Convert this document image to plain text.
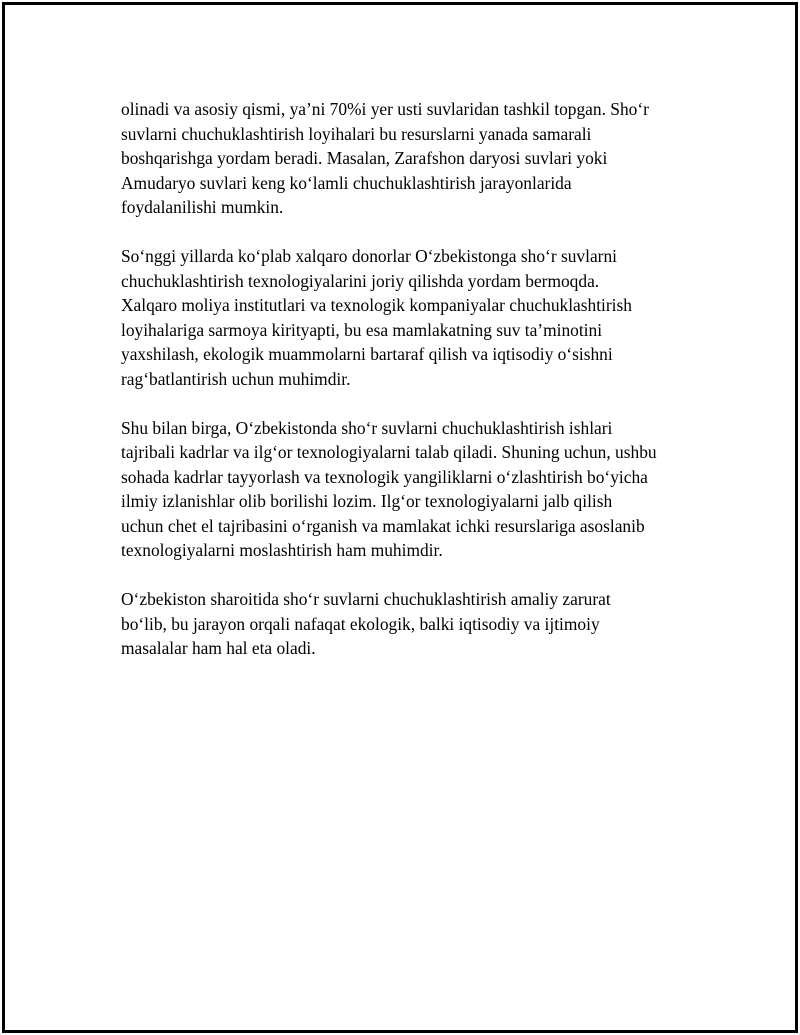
olinadi va asosiy qismi, ya’ni 70%i yer usti suvlaridan tashkil topgan. Sho‘r
suvlarni chuchuklashtirish loyihalari bu resurslarni yanada samarali
boshqarishga yordam beradi. Masalan, Zarafshon daryosi suvlari yoki
Amudaryo suvlari keng ko‘lamli chuchuklashtirish jarayonlarida
foydalanilishi mumkin.

So‘nggi yillarda ko‘plab xalqaro donorlar O‘zbekistonga sho‘r suvlarni
chuchuklashtirish texnologiyalarini joriy qilishda yordam bermoqda.
Xalqaro moliya institutlari va texnologik kompaniyalar chuchuklashtirish
loyihalariga sarmoya kirityapti, bu esa mamlakatning suv ta’minotini
yaxshilash, ekologik muammolarni bartaraf qilish va iqtisodiy o‘sishni
rag‘batlantirish uchun muhimdir.

Shu bilan birga, O‘zbekistonda sho‘r suvlarni chuchuklashtirish ishlari
tajribali kadrlar va ilg‘or texnologiyalarni talab qiladi. Shuning uchun, ushbu
sohada kadrlar tayyorlash va texnologik yangiliklarni o‘zlashtirish bo‘yicha
ilmiy izlanishlar olib borilishi lozim. Ilg‘or texnologiyalarni jalb qilish
uchun chet el tajribasini o‘rganish va mamlakat ichki resurslariga asoslanib
texnologiyalarni moslashtirish ham muhimdir.

O‘zbekiston sharoitida sho‘r suvlarni chuchuklashtirish amaliy zarurat
bo‘lib, bu jarayon orqali nafaqat ekologik, balki iqtisodiy va ijtimoiy
masalalar ham hal eta oladi.
